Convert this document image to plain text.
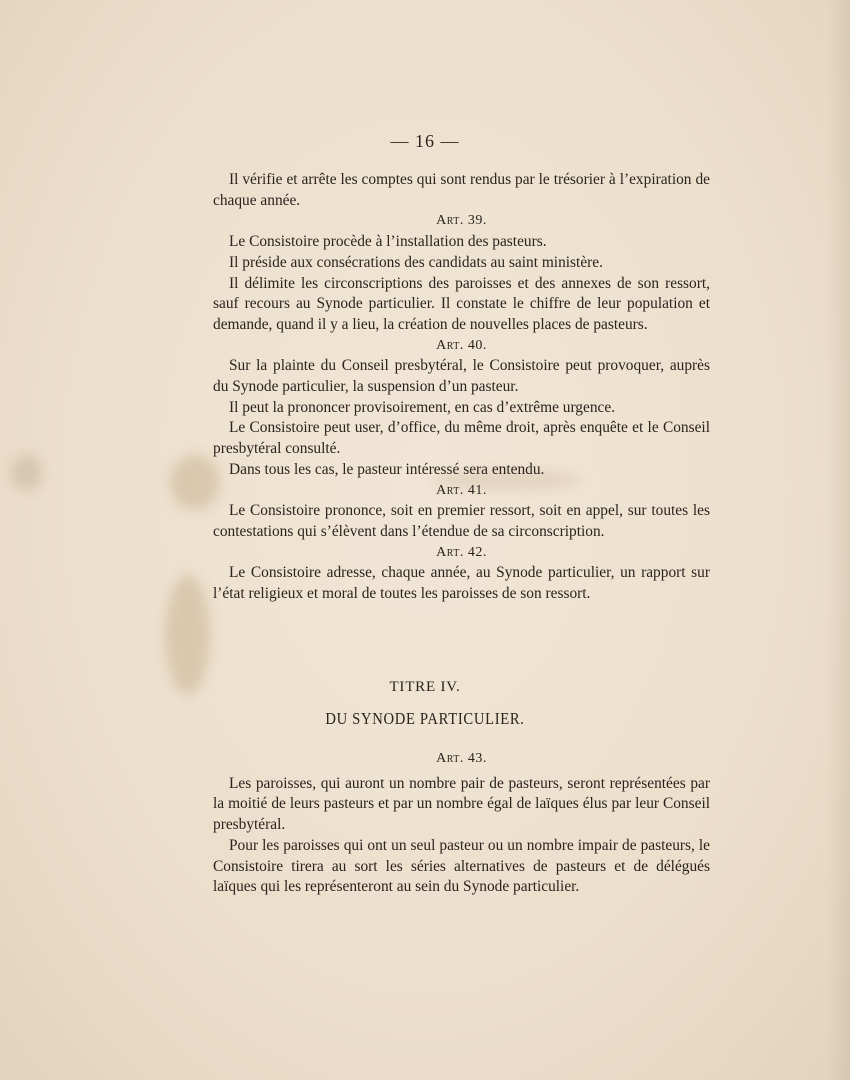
— 16 —

Il vérifie et arrête les comptes qui sont rendus par le trésorier à l’expiration de chaque année.

Art. 39.

Le Consistoire procède à l’installation des pasteurs.

Il préside aux consécrations des candidats au saint ministère.

Il délimite les circonscriptions des paroisses et des annexes de son ressort, sauf recours au Synode particulier. Il constate le chiffre de leur population et demande, quand il y a lieu, la création de nouvelles places de pasteurs.

Art. 40.

Sur la plainte du Conseil presbytéral, le Consistoire peut provoquer, auprès du Synode particulier, la suspension d’un pasteur.

Il peut la prononcer provisoirement, en cas d’extrême urgence.

Le Consistoire peut user, d’office, du même droit, après enquête et le Conseil presbytéral consulté.

Dans tous les cas, le pasteur intéressé sera entendu.

Art. 41.

Le Consistoire prononce, soit en premier ressort, soit en appel, sur toutes les contestations qui s’élèvent dans l’étendue de sa circonscription.

Art. 42.

Le Consistoire adresse, chaque année, au Synode particulier, un rapport sur l’état religieux et moral de toutes les paroisses de son ressort.

TITRE IV.
DU SYNODE PARTICULIER.

Art. 43.

Les paroisses, qui auront un nombre pair de pasteurs, seront représentées par la moitié de leurs pasteurs et par un nombre égal de laïques élus par leur Conseil presbytéral.

Pour les paroisses qui ont un seul pasteur ou un nombre impair de pasteurs, le Consistoire tirera au sort les séries alternatives de pasteurs et de délégués laïques qui les représenteront au sein du Synode particulier.
